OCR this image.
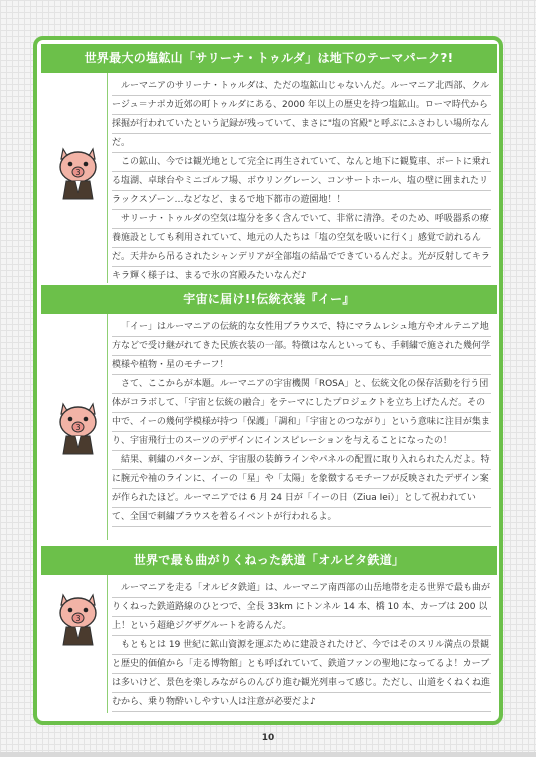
世界最大の塩鉱山「サリーナ・トゥルダ」は地下のテーマパーク?!
3

ルーマニアのサリーナ・トゥルダは、ただの塩鉱山じゃないんだ。ルーマニア北西部、クルージュ＝ナポカ近郊の町トゥルダにある、2000 年以上の歴史を持つ塩鉱山。ローマ時代から採掘が行われていたという記録が残っていて、まさに"塩の宮殿"と呼ぶにふさわしい場所なんだ。

この鉱山、今では観光地として完全に再生されていて、なんと地下に観覧車、ボートに乗れる塩湖、卓球台やミニゴルフ場、ボウリングレーン、コンサートホール、塩の壁に囲まれたリラックスゾーン…などなど、まるで地下都市の遊園地！！

サリーナ・トゥルダの空気は塩分を多く含んでいて、非常に清浄。そのため、呼吸器系の療養施設としても利用されていて、地元の人たちは「塩の空気を吸いに行く」感覚で訪れるんだ。天井から吊るされたシャンデリアが全部塩の結晶でできているんだよ。光が反射してキラキラ輝く様子は、まるで氷の宮殿みたいなんだ♪

宇宙に届け!!伝統衣装『イー』
3

「イー」はルーマニアの伝統的な女性用ブラウスで、特にマラムレシュ地方やオルテニア地方などで受け継がれてきた民族衣装の一部。特徴はなんといっても、手刺繍で施された幾何学模様や植物・星のモチーフ！

さて、ここからが本題。ルーマニアの宇宙機関「ROSA」と、伝統文化の保存活動を行う団体がコラボして、「宇宙と伝統の融合」をテーマにしたプロジェクトを立ち上げたんだ。その中で、イーの幾何学模様が持つ「保護」「調和」「宇宙とのつながり」という意味に注目が集まり、宇宙飛行士のスーツのデザインにインスピレーションを与えることになったの！

結果、刺繍のパターンが、宇宙服の装飾ラインやパネルの配置に取り入れられたんだよ。特に腕元や袖のラインに、イーの「星」や「太陽」を象徴するモチーフが反映されたデザイン案が作られたほど。ルーマニアでは 6 月 24 日が「イーの日（Ziua Iei）」として祝われていて、全国で刺繍ブラウスを着るイベントが行われるよ。

世界で最も曲がりくねった鉄道「オルビタ鉄道」
3

ルーマニアを走る「オルビタ鉄道」は、ルーマニア南西部の山岳地帯を走る世界で最も曲がりくねった鉄道路線のひとつで、全長 33km にトンネル 14 本、橋 10 本、カーブは 200 以上！という超絶ジグザグルートを誇るんだ。

もともとは 19 世紀に鉱山資源を運ぶために建設されたけど、今ではそのスリル満点の景観と歴史的価値から「走る博物館」とも呼ばれていて、鉄道ファンの聖地になってるよ！カーブは多いけど、景色を楽しみながらのんびり進む観光列車って感じ。ただし、山道をくねくね進むから、乗り物酔いしやすい人は注意が必要だよ♪

10
